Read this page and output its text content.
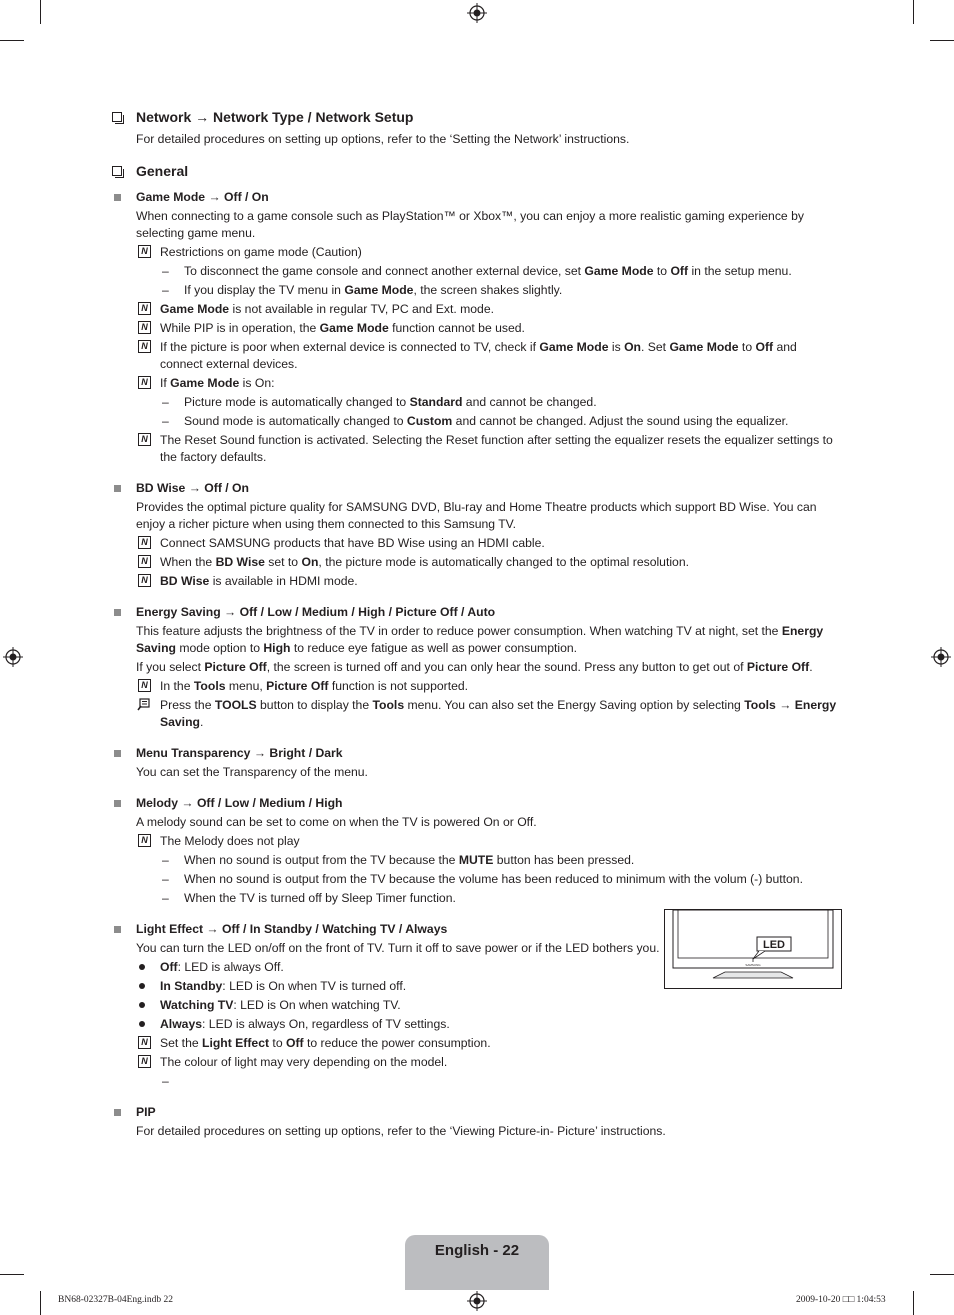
Network → Network Type / Network Setup
For detailed procedures on setting up options, refer to the ‘Setting the Network’ instructions.
General
Game Mode → Off / On
When connecting to a game console such as PlayStation™ or Xbox™, you can enjoy a more realistic gaming experience by selecting game menu.
N Restrictions on game mode (Caution)
– To disconnect the game console and connect another external device, set Game Mode to Off in the setup menu.
– If you display the TV menu in Game Mode, the screen shakes slightly.
N Game Mode is not available in regular TV, PC and Ext. mode.
N While PIP is in operation, the Game Mode function cannot be used.
N If the picture is poor when external device is connected to TV, check if Game Mode is On. Set Game Mode to Off and connect external devices.
N If Game Mode is On:
– Picture mode is automatically changed to Standard and cannot be changed.
– Sound mode is automatically changed to Custom and cannot be changed. Adjust the sound using the equalizer.
N The Reset Sound function is activated. Selecting the Reset function after setting the equalizer resets the equalizer settings to the factory defaults.
BD Wise → Off / On
Provides the optimal picture quality for SAMSUNG DVD, Blu-ray and Home Theatre products which support BD Wise. You can enjoy a richer picture when using them connected to this Samsung TV.
N Connect SAMSUNG products that have BD Wise using an HDMI cable.
N When the BD Wise set to On, the picture mode is automatically changed to the optimal resolution.
N BD Wise is available in HDMI mode.
Energy Saving → Off / Low / Medium / High / Picture Off / Auto
This feature adjusts the brightness of the TV in order to reduce power consumption. When watching TV at night, set the Energy Saving mode option to High to reduce eye fatigue as well as power consumption.
If you select Picture Off, the screen is turned off and you can only hear the sound. Press any button to get out of Picture Off.
N In the Tools menu, Picture Off function is not supported.
Press the TOOLS button to display the Tools menu. You can also set the Energy Saving option by selecting Tools → Energy Saving.
Menu Transparency → Bright / Dark
You can set the Transparency of the menu.
Melody → Off / Low / Medium / High
A melody sound can be set to come on when the TV is powered On or Off.
N The Melody does not play
– When no sound is output from the TV because the MUTE button has been pressed.
– When no sound is output from the TV because the volume has been reduced to minimum with the volum (-) button.
– When the TV is turned off by Sleep Timer function.
Light Effect → Off / In Standby / Watching TV / Always
You can turn the LED on/off on the front of TV. Turn it off to save power or if the LED bothers you.
Off: LED is always Off.
In Standby: LED is On when TV is turned off.
Watching TV: LED is On when watching TV.
Always: LED is always On, regardless of TV settings.
N Set the Light Effect to Off to reduce the power consumption.
N The colour of light may very depending on the model.
–

PIP
For detailed procedures on setting up options, refer to the ‘Viewing Picture-in- Picture’ instructions.
LED
SAMSUNG
English - 22
BN68-02327B-04Eng.indb 22	2009-10-20 □□ 1:04:53
